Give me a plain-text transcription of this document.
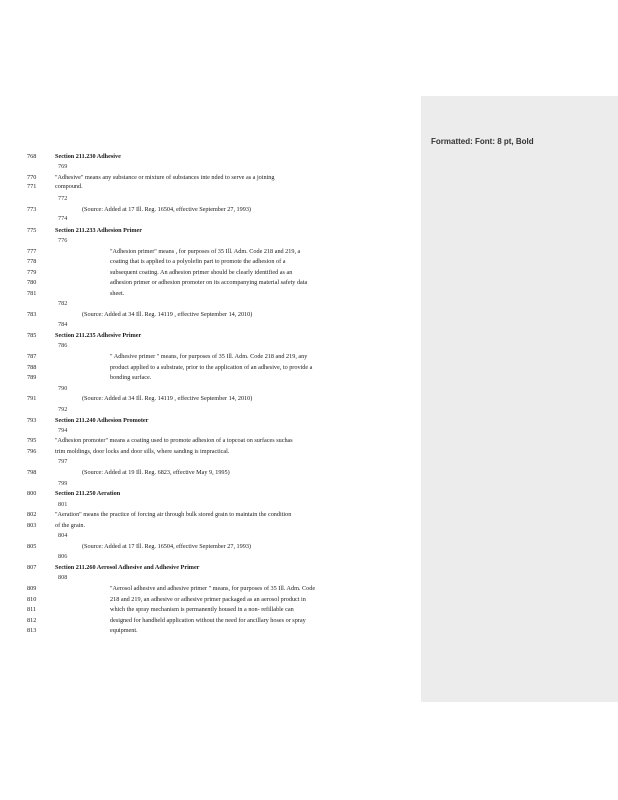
Formatted: Font: 8 pt, Bold
768	Section 211.230 Adhesive
769
770	"Adhesive" means any substance or mixture of substances inte nded to serve as a joining
771	compound.
772
773	(Source: Added at 17 Ill. Reg. 16504, effective September 27, 1993)
774
775	Section 211.233 Adhesion Primer
776
777	"Adhesion primer" means , for purposes of 35 Ill. Adm. Code 218 and 219, a
778	coating that is applied to a polyolefin part to promote the adhesion of a
779	subsequent coating. An adhesion primer should be clearly identified as an
780	adhesion primer or adhesion promoter on its accompanying material safety data
781	sheet.
782
783	(Source: Added at 34 Ill. Reg. 14119 , effective September 14, 2010)
784
785	Section 211.235 Adhesive Primer
786
787	" Adhesive primer " means, for purposes of 35 Ill. Adm. Code 218 and 219, any
788	product applied to a substrate, prior to the application of an adhesive, to provide a
789	bonding surface.
790
791	(Source: Added at 34 Ill. Reg. 14119 , effective September 14, 2010)
792
793	Section 211.240 Adhesion Promoter
794
795	"Adhesion promoter" means a coating used to promote adhesion of a topcoat on surfaces suchas
796	trim moldings, door locks and door sills, where sanding is impractical.
797
798	(Source: Added at 19 Ill. Reg. 6823, effective May 9, 1995)
799
800	Section 211.250 Aeration
801
802	"Aeration" means the practice of forcing air through bulk stored grain to maintain the condition
803	of the grain.
804
805	(Source: Added at 17 Ill. Reg. 16504, effective September 27, 1993)
806
807	Section 211.260 Aerosol Adhesive and Adhesive Primer
808
809	"Aerosol adhesive and adhesive primer " means, for purposes of 35 Ill. Adm. Code
810	218 and 219, an adhesive or adhesive primer packaged as an aerosol product in
811	which the spray mechanism is permanently housed in a non- refillable can
812	designed for handheld application without the need for ancillary hoses or spray
813	equipment.
